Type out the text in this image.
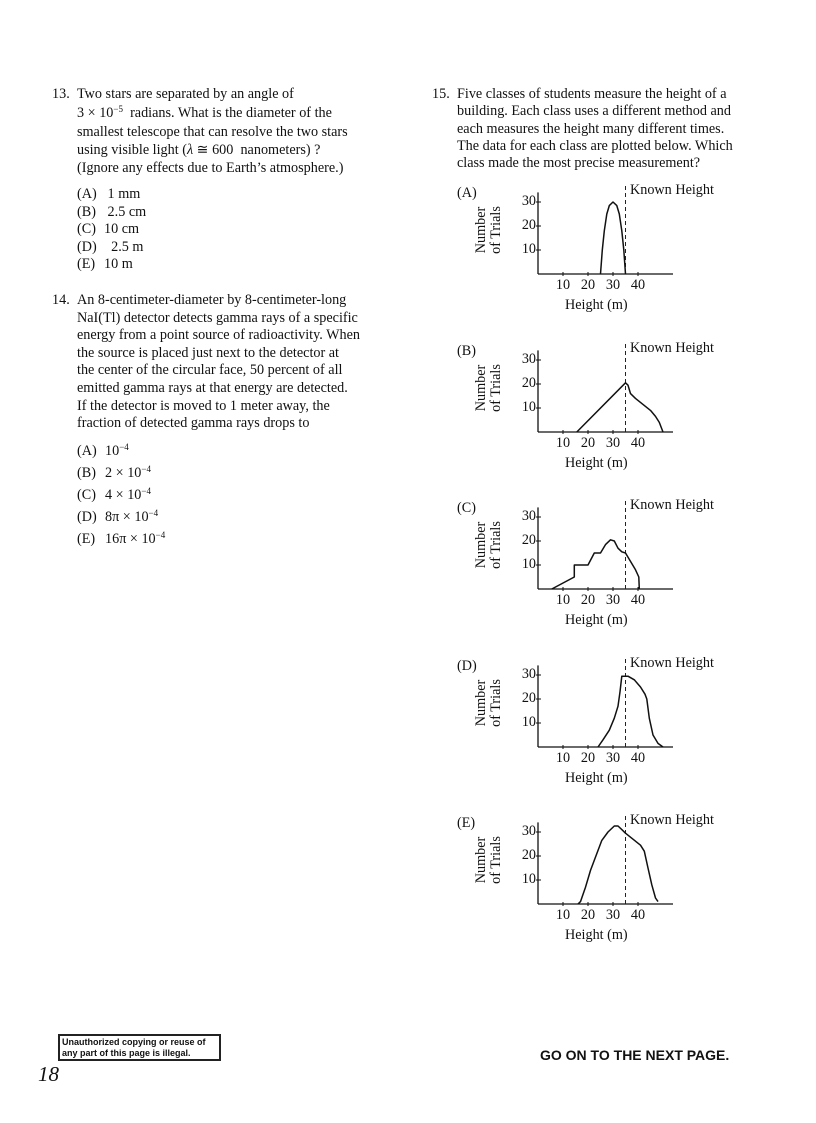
13. Two stars are separated by an angle of
$3 \times 10^{-5}$  radians. What is the diameter of the
smallest telescope that can resolve the two stars
using visible light (λ ≅ 600  nanometers) ?
(Ignore any effects due to Earth’s atmosphere.)
(A) 1 mm
(B) 2.5 cm
(C) 10 cm
(D) 2.5 m
(E) 10 m
14. An 8-centimeter-diameter by 8-centimeter-long
NaI(Tl) detector detects gamma rays of a specific
energy from a point source of radioactivity. When
the source is placed just next to the detector at
the center of the circular face, 50 percent of all
emitted gamma rays at that energy are detected.
If the detector is moved to 1 meter away, the
fraction of detected gamma rays drops to
(A) $10^{-4}$
(B) $2 \times 10^{-4}$
(C) $4 \times 10^{-4}$
(D) $8\pi \times 10^{-4}$
(E) $16\pi \times 10^{-4}$
15. Five classes of students measure the height of a
building. Each class uses a different method and
each measures the height many different times.
The data for each class are plotted below. Which
class made the most precise measurement?
(A)	Known Height
Number of Trials	10
20
30
10 20 30 40
Height (m)
(B)	Known Height
Number of Trials	10
20
30
10 20 30 40
Height (m)
(C)	Known Height
Number of Trials	10
20
30
10 20 30 40
Height (m)
(D)	Known Height
Number of Trials	10
20
30
10 20 30 40
Height (m)
(E)	Known Height
Number of Trials	10
20
30
10 20 30 40
Height (m)
Unauthorized copying or reuse of
any part of this page is illegal.
18
GO ON TO THE NEXT PAGE.
